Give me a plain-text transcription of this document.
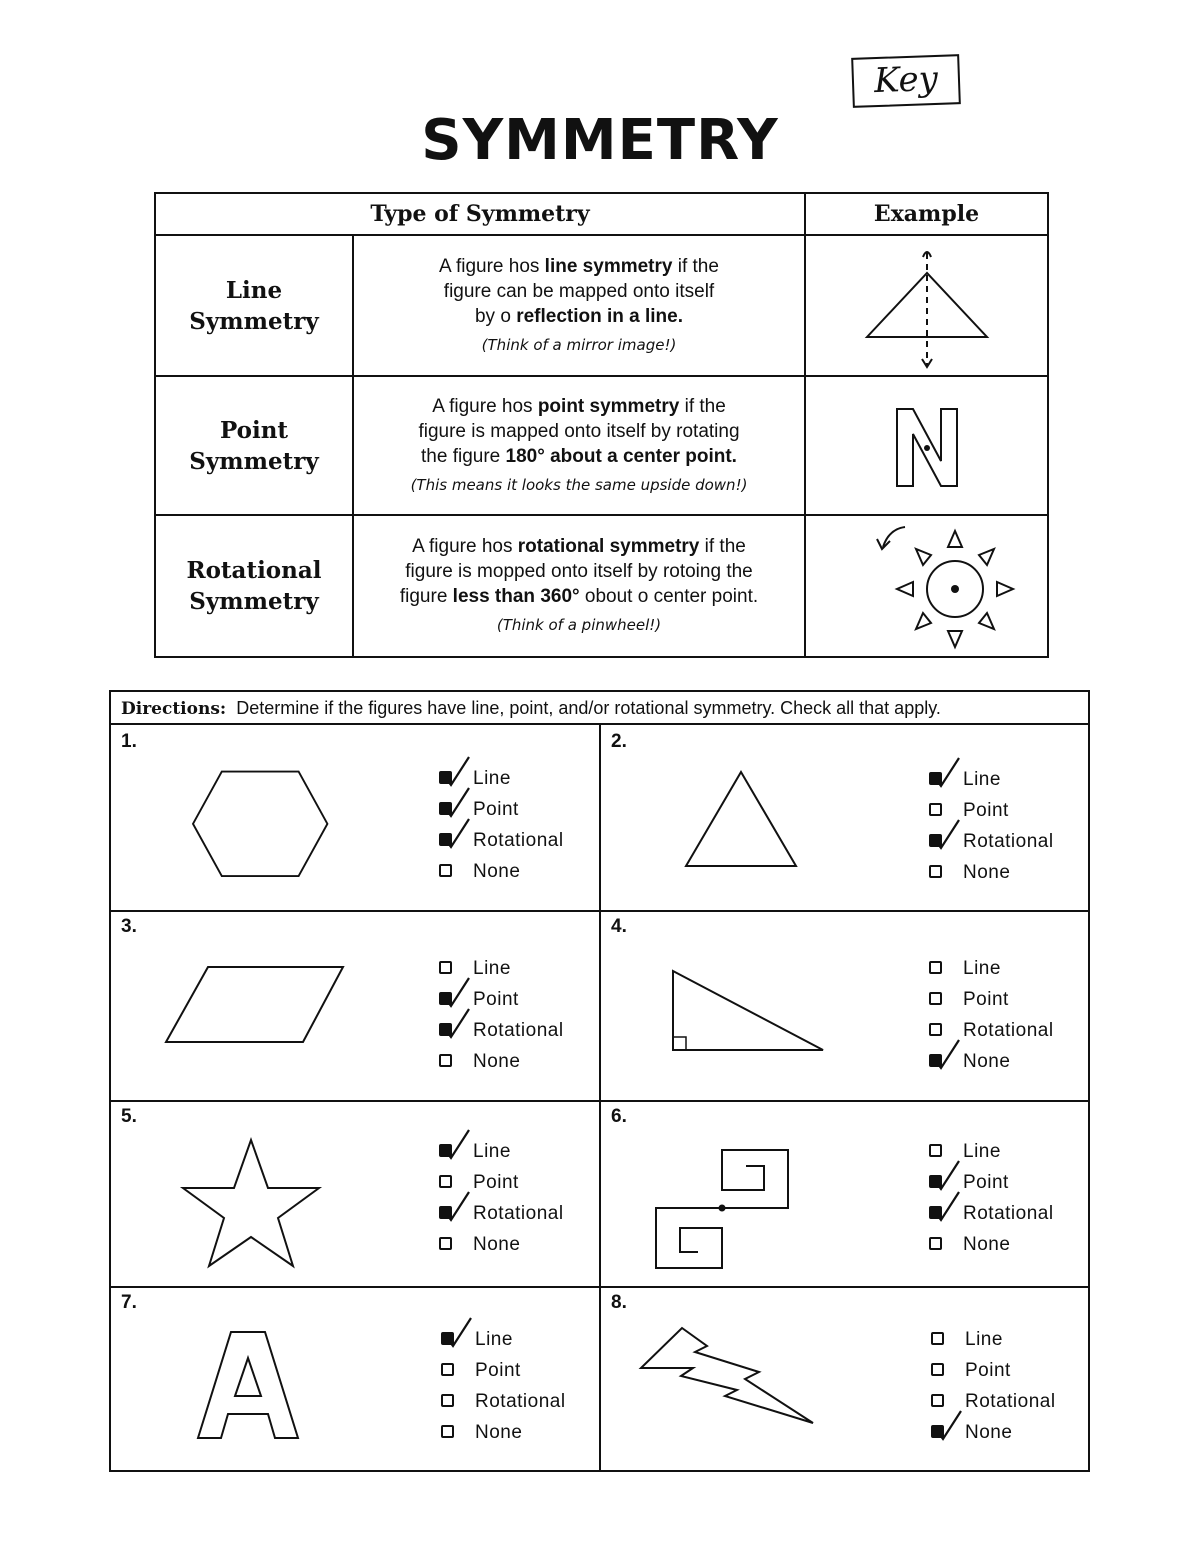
Key
SYMMETRY
Type of Symmetry		Example
Line
Symmetry	A figure hos line symmetry if the
figure can be mapped onto itself
by o reflection in a line.
(Think of a mirror image!)

Point
Symmetry	A figure hos point symmetry if the
figure is mapped onto itself by rotating
the figure 180° about a center point.
(This means it looks the same upside down!)

Rotational
Symmetry	A figure hos rotational symmetry if the
figure is mopped onto itself by rotoing the
figure less than 360° obout o center point.
(Think of a pinwheel!)

Directions: Determine if the figures have line, point, and/or rotational symmetry. Check all that apply.
1.
Line
Point
Rotational
None
2.
Line
Point
Rotational
None
3.
Line
Point
Rotational
None
4.
Line
Point
Rotational
None
5.
Line
Point
Rotational
None
6.
Line
Point
Rotational
None
7.
Line
Point
Rotational
None
8.
Line
Point
Rotational
None
